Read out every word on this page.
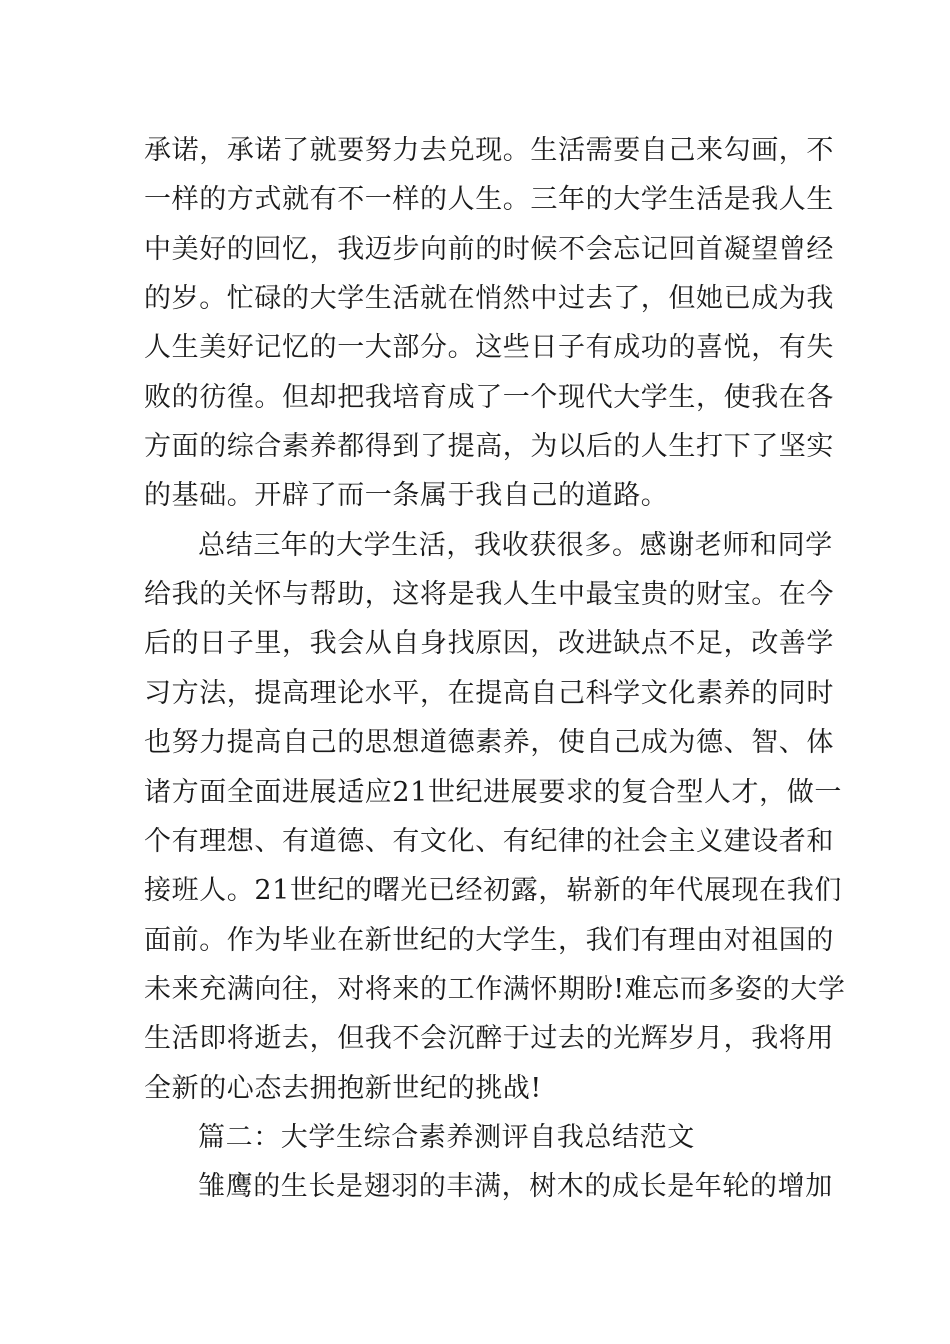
承诺，承诺了就要努力去兑现。生活需要自己来勾画，不
一样的方式就有不一样的人生。三年的大学生活是我人生
中美好的回忆，我迈步向前的时候不会忘记回首凝望曾经
的岁。忙碌的大学生活就在悄然中过去了，但她已成为我
人生美好记忆的一大部分。这些日子有成功的喜悦，有失
败的彷徨。但却把我培育成了一个现代大学生，使我在各
方面的综合素养都得到了提高，为以后的人生打下了坚实
的基础。开辟了而一条属于我自己的道路。
总结三年的大学生活，我收获很多。感谢老师和同学
给我的关怀与帮助，这将是我人生中最宝贵的财宝。在今
后的日子里，我会从自身找原因，改进缺点不足，改善学
习方法，提高理论水平，在提高自己科学文化素养的同时
也努力提高自己的思想道德素养，使自己成为德、智、体
诸方面全面进展适应21世纪进展要求的复合型人才，做一
个有理想、有道德、有文化、有纪律的社会主义建设者和
接班人。21世纪的曙光已经初露，崭新的年代展现在我们
面前。作为毕业在新世纪的大学生，我们有理由对祖国的
未来充满向往，对将来的工作满怀期盼!难忘而多姿的大学
生活即将逝去，但我不会沉醉于过去的光辉岁月，我将用
全新的心态去拥抱新世纪的挑战!
篇二：大学生综合素养测评自我总结范文
雏鹰的生长是翅羽的丰满，树木的成长是年轮的增加
